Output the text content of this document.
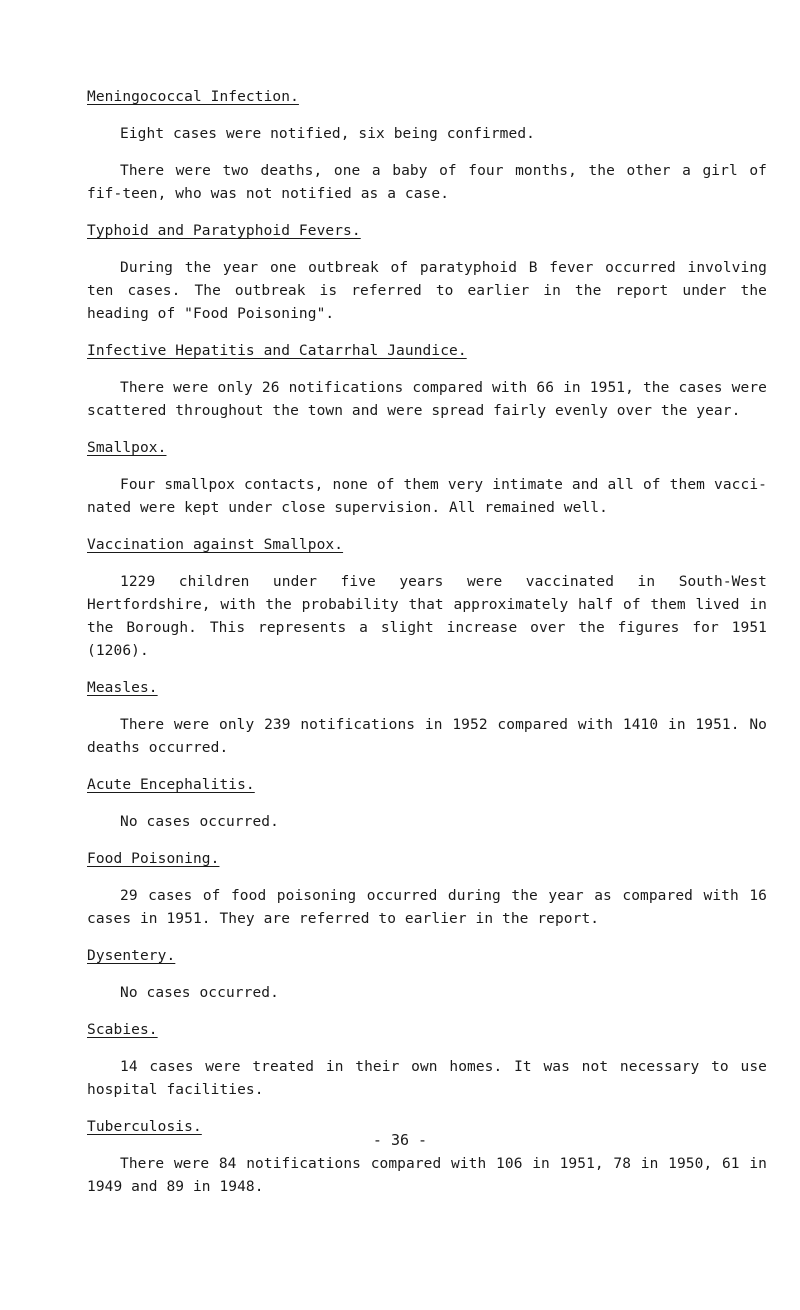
Meningococcal Infection.

Eight cases were notified, six being confirmed.

There were two deaths, one a baby of four months, the other a girl of fif-teen, who was not notified as a case.

Typhoid and Paratyphoid Fevers.

During the year one outbreak of paratyphoid B fever occurred involving ten cases. The outbreak is referred to earlier in the report under the heading of "Food Poisoning".

Infective Hepatitis and Catarrhal Jaundice.

There were only 26 notifications compared with 66 in 1951, the cases were scattered throughout the town and were spread fairly evenly over the year.

Smallpox.

Four smallpox contacts, none of them very intimate and all of them vacci-nated were kept under close supervision. All remained well.

Vaccination against Smallpox.

1229 children under five years were vaccinated in South-West Hertfordshire, with the probability that approximately half of them lived in the Borough. This represents a slight increase over the figures for 1951 (1206).

Measles.

There were only 239 notifications in 1952 compared with 1410 in 1951. No deaths occurred.

Acute Encephalitis.

No cases occurred.

Food Poisoning.

29 cases of food poisoning occurred during the year as compared with 16 cases in 1951. They are referred to earlier in the report.

Dysentery.

No cases occurred.

Scabies.

14 cases were treated in their own homes. It was not necessary to use hospital facilities.

Tuberculosis.

There were 84 notifications compared with 106 in 1951, 78 in 1950, 61 in 1949 and 89 in 1948.

- 36 -
